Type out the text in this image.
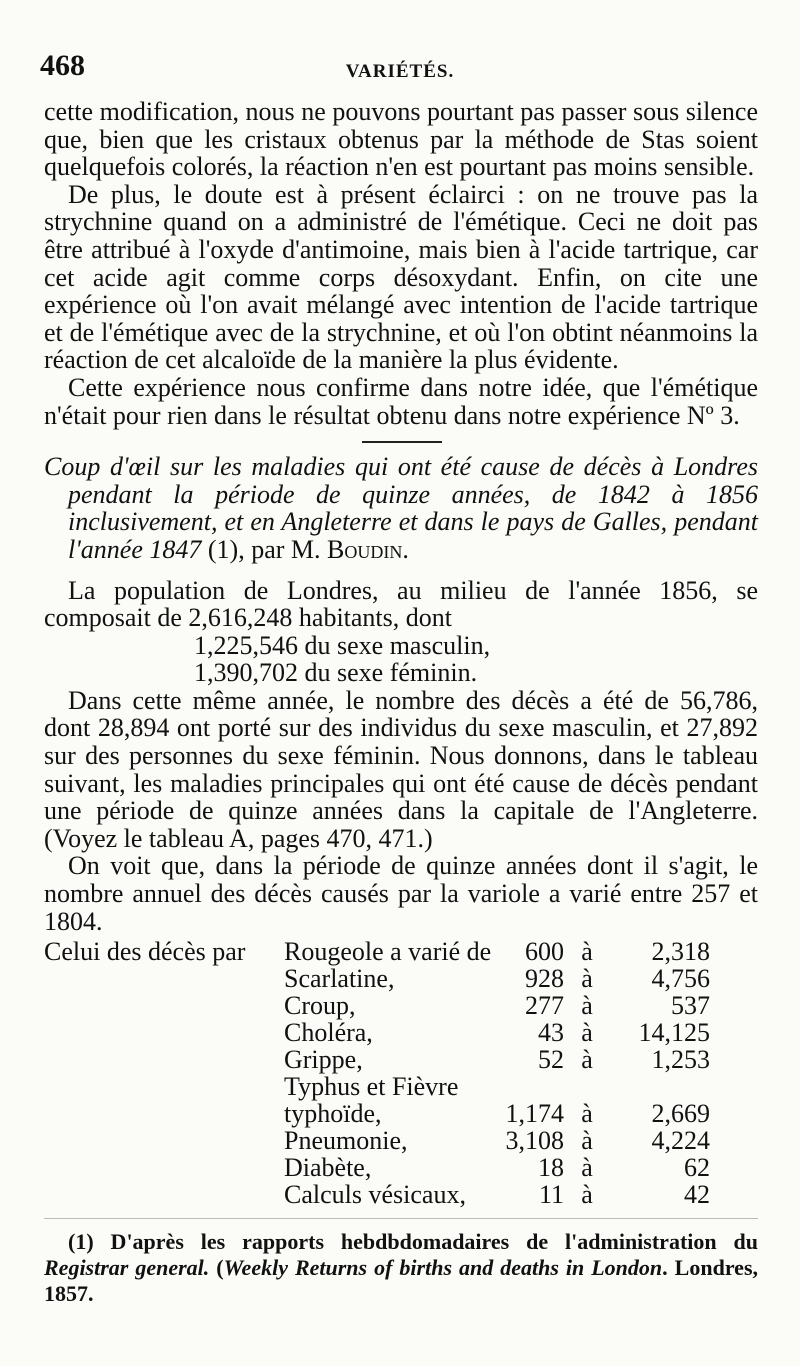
468	VARIÉTÉS.

cette modification, nous ne pouvons pourtant pas passer sous silence que, bien que les cristaux obtenus par la méthode de Stas soient quelquefois colorés, la réaction n'en est pourtant pas moins sensible.

De plus, le doute est à présent éclairci : on ne trouve pas la strychnine quand on a administré de l'émétique. Ceci ne doit pas être attribué à l'oxyde d'antimoine, mais bien à l'acide tartrique, car cet acide agit comme corps désoxydant. Enfin, on cite une expérience où l'on avait mélangé avec intention de l'acide tartrique et de l'émétique avec de la strychnine, et où l'on obtint néanmoins la réaction de cet alcaloïde de la manière la plus évidente.

Cette expérience nous confirme dans notre idée, que l'émétique n'était pour rien dans le résultat obtenu dans notre expérience Nº 3.

Coup d'œil sur les maladies qui ont été cause de décès à Londres pendant la période de quinze années, de 1842 à 1856 inclusivement, et en Angleterre et dans le pays de Galles, pendant l'année 1847 (1), par M. Boudin.

La population de Londres, au milieu de l'année 1856, se composait de 2,616,248 habitants, dont

1,225,546 du sexe masculin,

1,390,702 du sexe féminin.

Dans cette même année, le nombre des décès a été de 56,786, dont 28,894 ont porté sur des individus du sexe masculin, et 27,892 sur des personnes du sexe féminin. Nous donnons, dans le tableau suivant, les maladies principales qui ont été cause de décès pendant une période de quinze années dans la capitale de l'Angleterre. (Voyez le tableau A, pages 470, 471.)

On voit que, dans la période de quinze années dont il s'agit, le nombre annuel des décès causés par la variole a varié entre 257 et 1804.

Celui des décès par	Rougeole a varié de	600	à	2,318
	Scarlatine,	928	à	4,756
	Croup,	277	à	537
	Choléra,	43	à	14,125
	Grippe,	52	à	1,253
	Typhus et Fièvre			
	typhoïde,	1,174	à	2,669
	Pneumonie,	3,108	à	4,224
	Diabète,	18	à	62
	Calculs vésicaux,	11	à	42

(1) D'après les rapports hebdbdomadaires de l'administration du Registrar general. (Weekly Returns of births and deaths in London. Londres, 1857.
